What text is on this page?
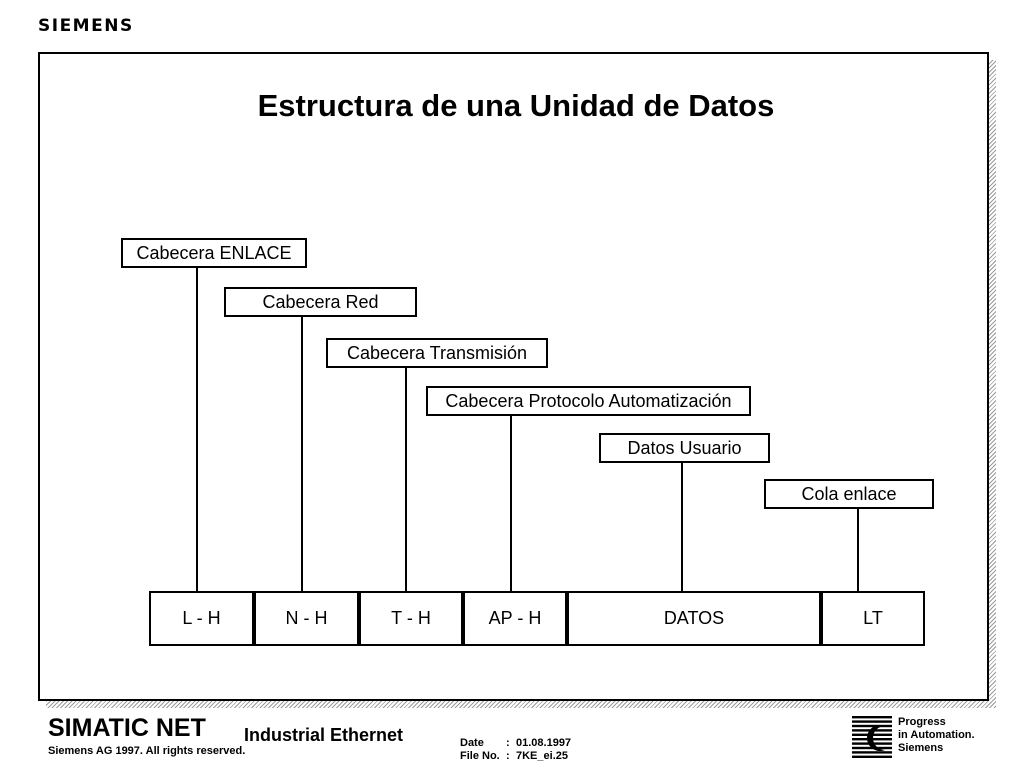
SIEMENS
Estructura de una Unidad de Datos
Cabecera ENLACE
Cabecera Red
Cabecera Transmisión
Cabecera Protocolo Automatización
Datos Usuario
Cola enlace
L - H	N - H	T - H	AP - H	DATOS	LT
SIMATIC NET Industrial Ethernet
Siemens AG 1997. All rights reserved.
Date : 01.08.1997
File No. : 7KE_ei.25
Progress
in Automation.
Siemens
